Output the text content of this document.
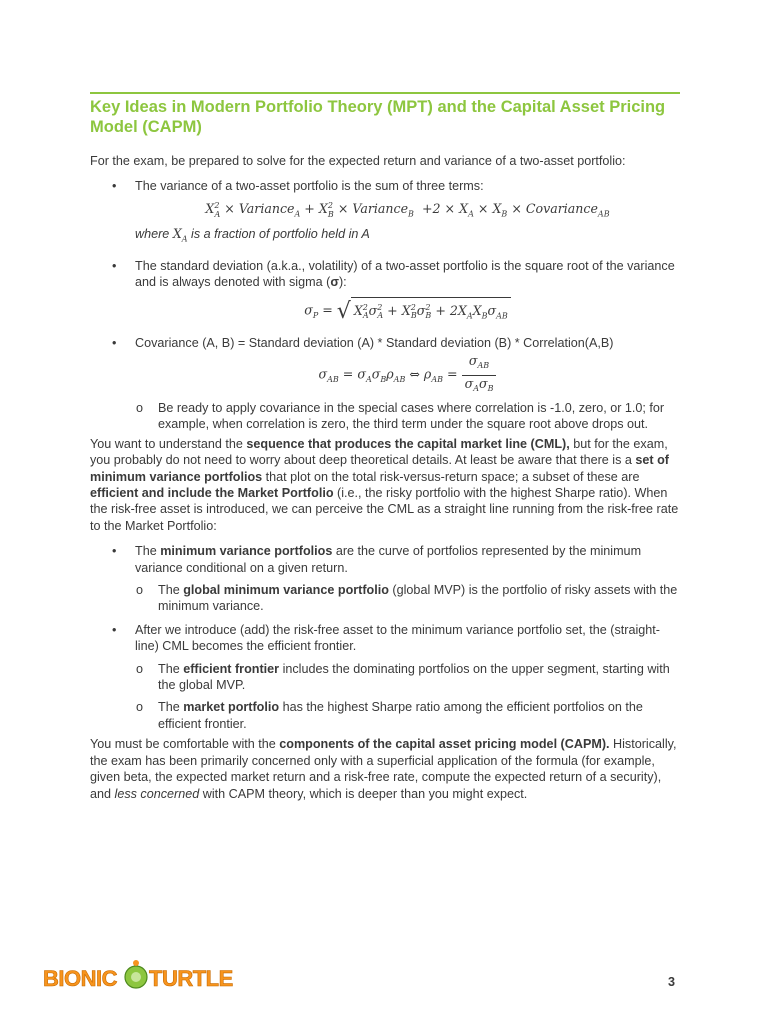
Key Ideas in Modern Portfolio Theory (MPT) and the Capital Asset Pricing Model (CAPM)

For the exam, be prepared to solve for the expected return and variance of a two-asset portfolio:

• The variance of a two-asset portfolio is the sum of three terms:
$X^2_A$ × Variance$_A$ + $X^2_B$ × Variance$_B$ $+2 \times X_A \times X_B$ × Covariance$_{AB}$

where $X_A$ is a fraction of portfolio held in A

• The standard deviation (a.k.a., volatility) of a two-asset portfolio is the square root of the variance and is always denoted with sigma (σ):
$\sigma_P$ = √ $X^2_A\sigma^2_A + X^2_B\sigma^2_B + 2X_AX_B\sigma_{AB}$
• Covariance (A, B) = Standard deviation (A) * Standard deviation (B) * Correlation(A,B)
$\sigma_{AB} = \sigma_A\sigma_B\rho_{AB}$ ⇔ $\rho_{AB} = \frac{\sigma_{AB}}{\sigma_A\sigma_B}$
o Be ready to apply covariance in the special cases where correlation is -1.0, zero, or 1.0; for example, when correlation is zero, the third term under the square root above drops out.

You want to understand the sequence that produces the capital market line (CML), but for the exam, you probably do not need to worry about deep theoretical details. At least be aware that there is a set of minimum variance portfolios that plot on the total risk-versus-return space; a subset of these are efficient and include the Market Portfolio (i.e., the risky portfolio with the highest Sharpe ratio). When the risk-free asset is introduced, we can perceive the CML as a straight line running from the risk-free rate to the Market Portfolio:

• The minimum variance portfolios are the curve of portfolios represented by the minimum variance conditional on a given return.
o The global minimum variance portfolio (global MVP) is the portfolio of risky assets with the minimum variance.
• After we introduce (add) the risk-free asset to the minimum variance portfolio set, the (straight-line) CML becomes the efficient frontier.
o The efficient frontier includes the dominating portfolios on the upper segment, starting with the global MVP.
o The market portfolio has the highest Sharpe ratio among the efficient portfolios on the efficient frontier.

You must be comfortable with the components of the capital asset pricing model (CAPM). Historically, the exam has been primarily concerned only with a superficial application of the formula (for example, given beta, the expected market return and a risk-free rate, compute the expected return of a security), and less concerned with CAPM theory, which is deeper than you might expect.

BIONIC TURTLE	3
